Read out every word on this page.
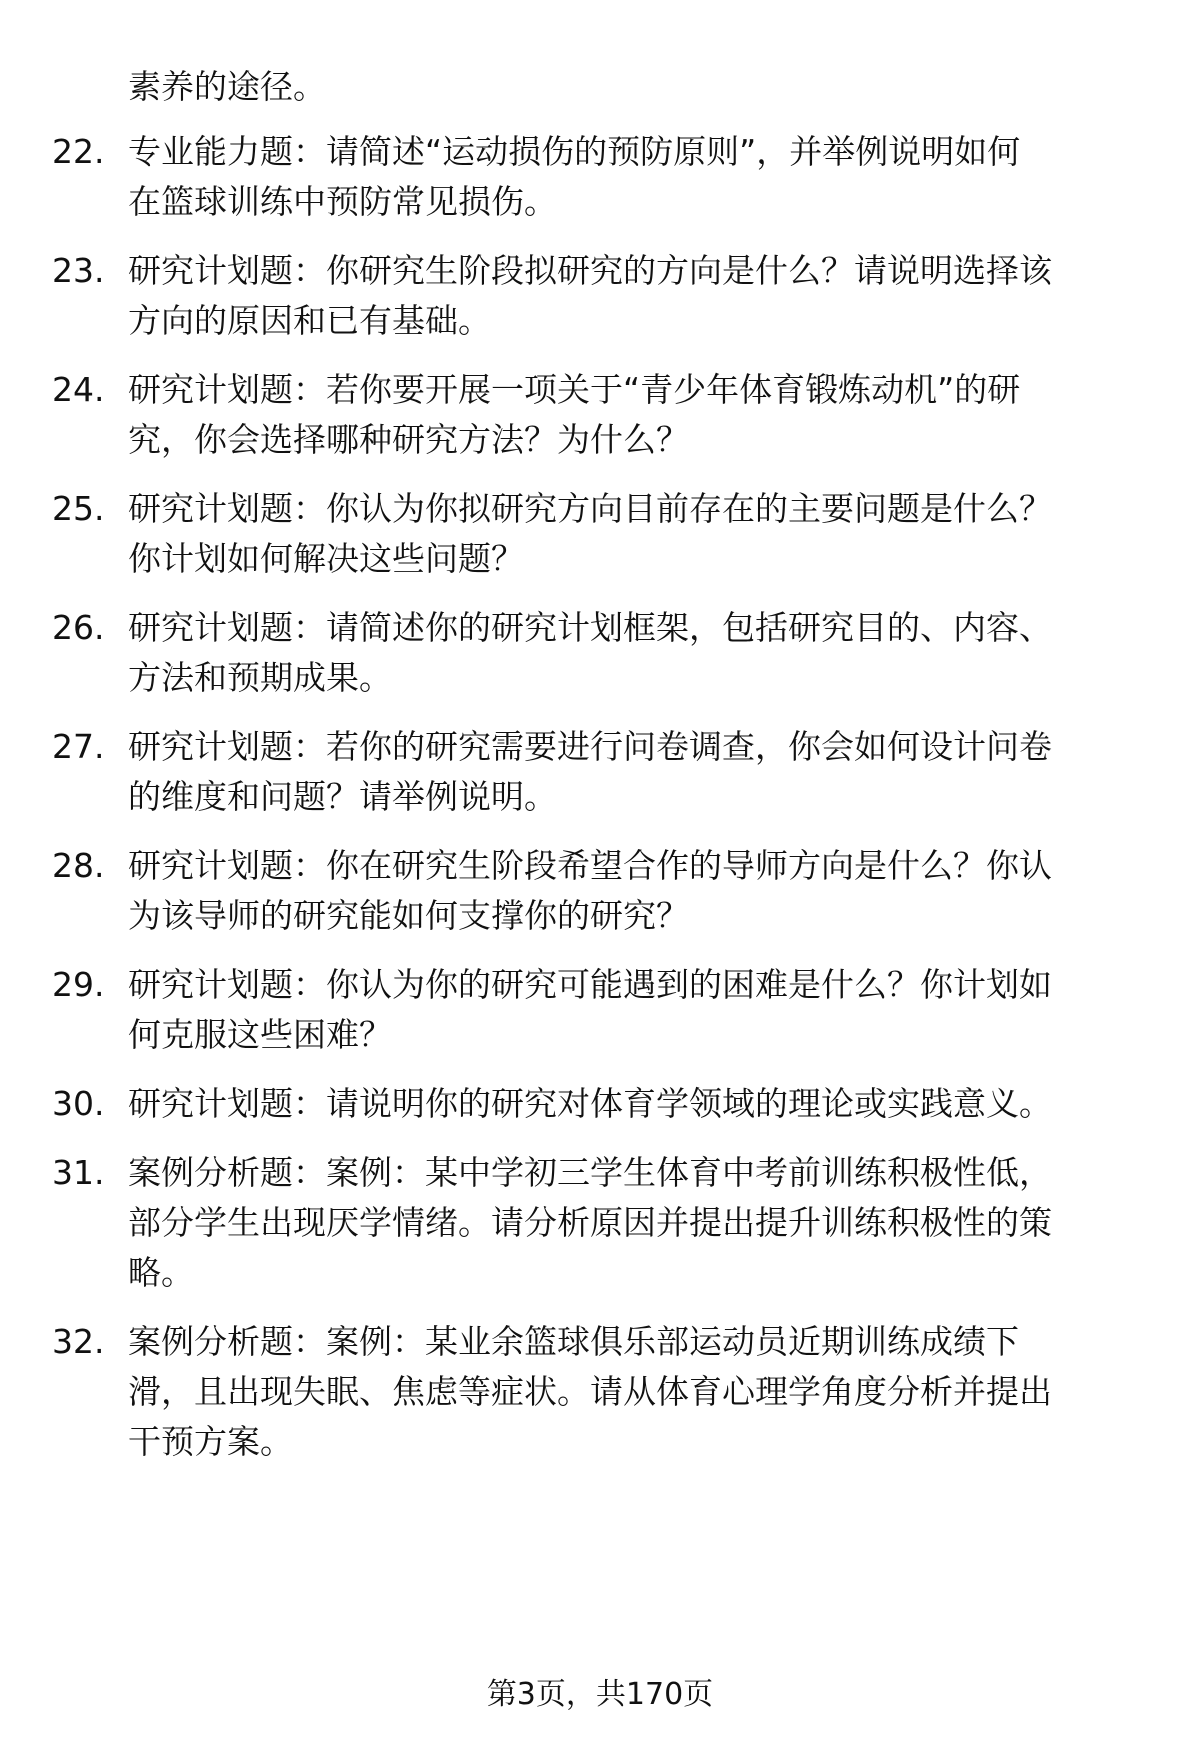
素养的途径。
22. 专业能力题：请简述“运动损伤的预防原则”，并举例说明如何
在篮球训练中预防常见损伤。
23. 研究计划题：你研究生阶段拟研究的方向是什么？请说明选择该
方向的原因和已有基础。
24. 研究计划题：若你要开展一项关于“青少年体育锻炼动机”的研
究，你会选择哪种研究方法？为什么？
25. 研究计划题：你认为你拟研究方向目前存在的主要问题是什么？
你计划如何解决这些问题？
26. 研究计划题：请简述你的研究计划框架，包括研究目的、内容、
方法和预期成果。
27. 研究计划题：若你的研究需要进行问卷调查，你会如何设计问卷
的维度和问题？请举例说明。
28. 研究计划题：你在研究生阶段希望合作的导师方向是什么？你认
为该导师的研究能如何支撑你的研究？
29. 研究计划题：你认为你的研究可能遇到的困难是什么？你计划如
何克服这些困难？
30. 研究计划题：请说明你的研究对体育学领域的理论或实践意义。
31. 案例分析题：案例：某中学初三学生体育中考前训练积极性低，
部分学生出现厌学情绪。请分析原因并提出提升训练积极性的策
略。
32. 案例分析题：案例：某业余篮球俱乐部运动员近期训练成绩下
滑，且出现失眠、焦虑等症状。请从体育心理学角度分析并提出
干预方案。
第3页，共170页
